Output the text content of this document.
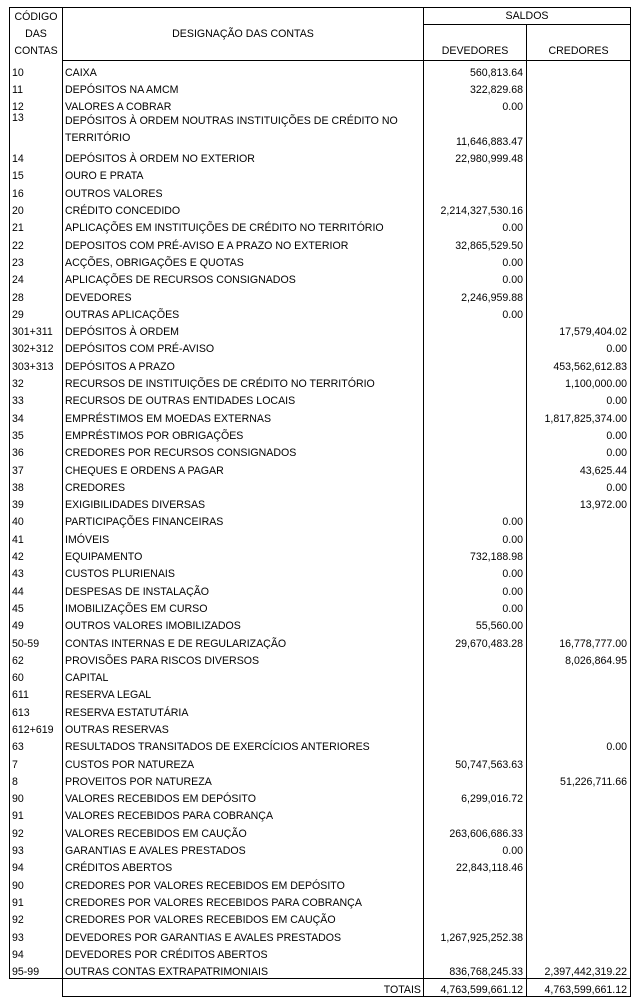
CÓDIGO DAS CONTAS	DESIGNAÇÃO DAS CONTAS	SALDOS	
		DEVEDORES	CREDORES
10	CAIXA	560,813.64	
11	DEPÓSITOS NA AMCM	322,829.68	
12	VALORES A COBRAR	0.00	
13	DEPÓSITOS À ORDEM NOUTRAS INSTITUIÇÕES DE CRÉDITO NO TERRITÓRIO	11,646,883.47	
14	DEPÓSITOS À ORDEM NO EXTERIOR	22,980,999.48	
15	OURO E PRATA		
16	OUTROS VALORES		
20	CRÉDITO CONCEDIDO	2,214,327,530.16	
21	APLICAÇÕES EM INSTITUIÇÕES DE CRÉDITO NO TERRITÓRIO	0.00	
22	DEPOSITOS COM PRÉ-AVISO E A PRAZO NO EXTERIOR	32,865,529.50	
23	ACÇÕES, OBRIGAÇÕES E QUOTAS	0.00	
24	APLICAÇÕES DE RECURSOS CONSIGNADOS	0.00	
28	DEVEDORES	2,246,959.88	
29	OUTRAS APLICAÇÕES	0.00	
301+311	DEPÓSITOS À ORDEM		17,579,404.02
302+312	DEPÓSITOS COM PRÉ-AVISO		0.00
303+313	DEPÓSITOS A PRAZO		453,562,612.83
32	RECURSOS DE INSTITUIÇÕES DE CRÉDITO NO TERRITÓRIO		1,100,000.00
33	RECURSOS DE OUTRAS ENTIDADES LOCAIS		0.00
34	EMPRÉSTIMOS EM MOEDAS EXTERNAS		1,817,825,374.00
35	EMPRÉSTIMOS POR OBRIGAÇÕES		0.00
36	CREDORES POR RECURSOS CONSIGNADOS		0.00
37	CHEQUES E ORDENS A PAGAR		43,625.44
38	CREDORES		0.00
39	EXIGIBILIDADES DIVERSAS		13,972.00
40	PARTICIPAÇÕES FINANCEIRAS	0.00	
41	IMÓVEIS	0.00	
42	EQUIPAMENTO	732,188.98	
43	CUSTOS PLURIENAIS	0.00	
44	DESPESAS DE INSTALAÇÃO	0.00	
45	IMOBILIZAÇÕES EM CURSO	0.00	
49	OUTROS VALORES IMOBILIZADOS	55,560.00	
50-59	CONTAS INTERNAS E DE REGULARIZAÇÃO	29,670,483.28	16,778,777.00
62	PROVISÕES PARA RISCOS DIVERSOS		8,026,864.95
60	CAPITAL		
611	RESERVA LEGAL		
613	RESERVA ESTATUTÁRIA		
612+619	OUTRAS RESERVAS		
63	RESULTADOS TRANSITADOS DE EXERCÍCIOS ANTERIORES		0.00
7	CUSTOS POR NATUREZA	50,747,563.63	
8	PROVEITOS POR NATUREZA		51,226,711.66
90	VALORES RECEBIDOS EM DEPÓSITO	6,299,016.72	
91	VALORES RECEBIDOS PARA COBRANÇA		
92	VALORES RECEBIDOS EM CAUÇÃO	263,606,686.33	
93	GARANTIAS E AVALES PRESTADOS	0.00	
94	CRÉDITOS ABERTOS	22,843,118.46	
90	CREDORES POR VALORES RECEBIDOS EM DEPÓSITO		
91	CREDORES POR VALORES RECEBIDOS PARA COBRANÇA		
92	CREDORES POR VALORES RECEBIDOS EM CAUÇÃO		
93	DEVEDORES POR GARANTIAS E AVALES PRESTADOS	1,267,925,252.38	
94	DEVEDORES POR CRÉDITOS ABERTOS		
95-99	OUTRAS CONTAS EXTRAPATRIMONIAIS	836,768,245.33	2,397,442,319.22
	TOTAIS	4,763,599,661.12	4,763,599,661.12
